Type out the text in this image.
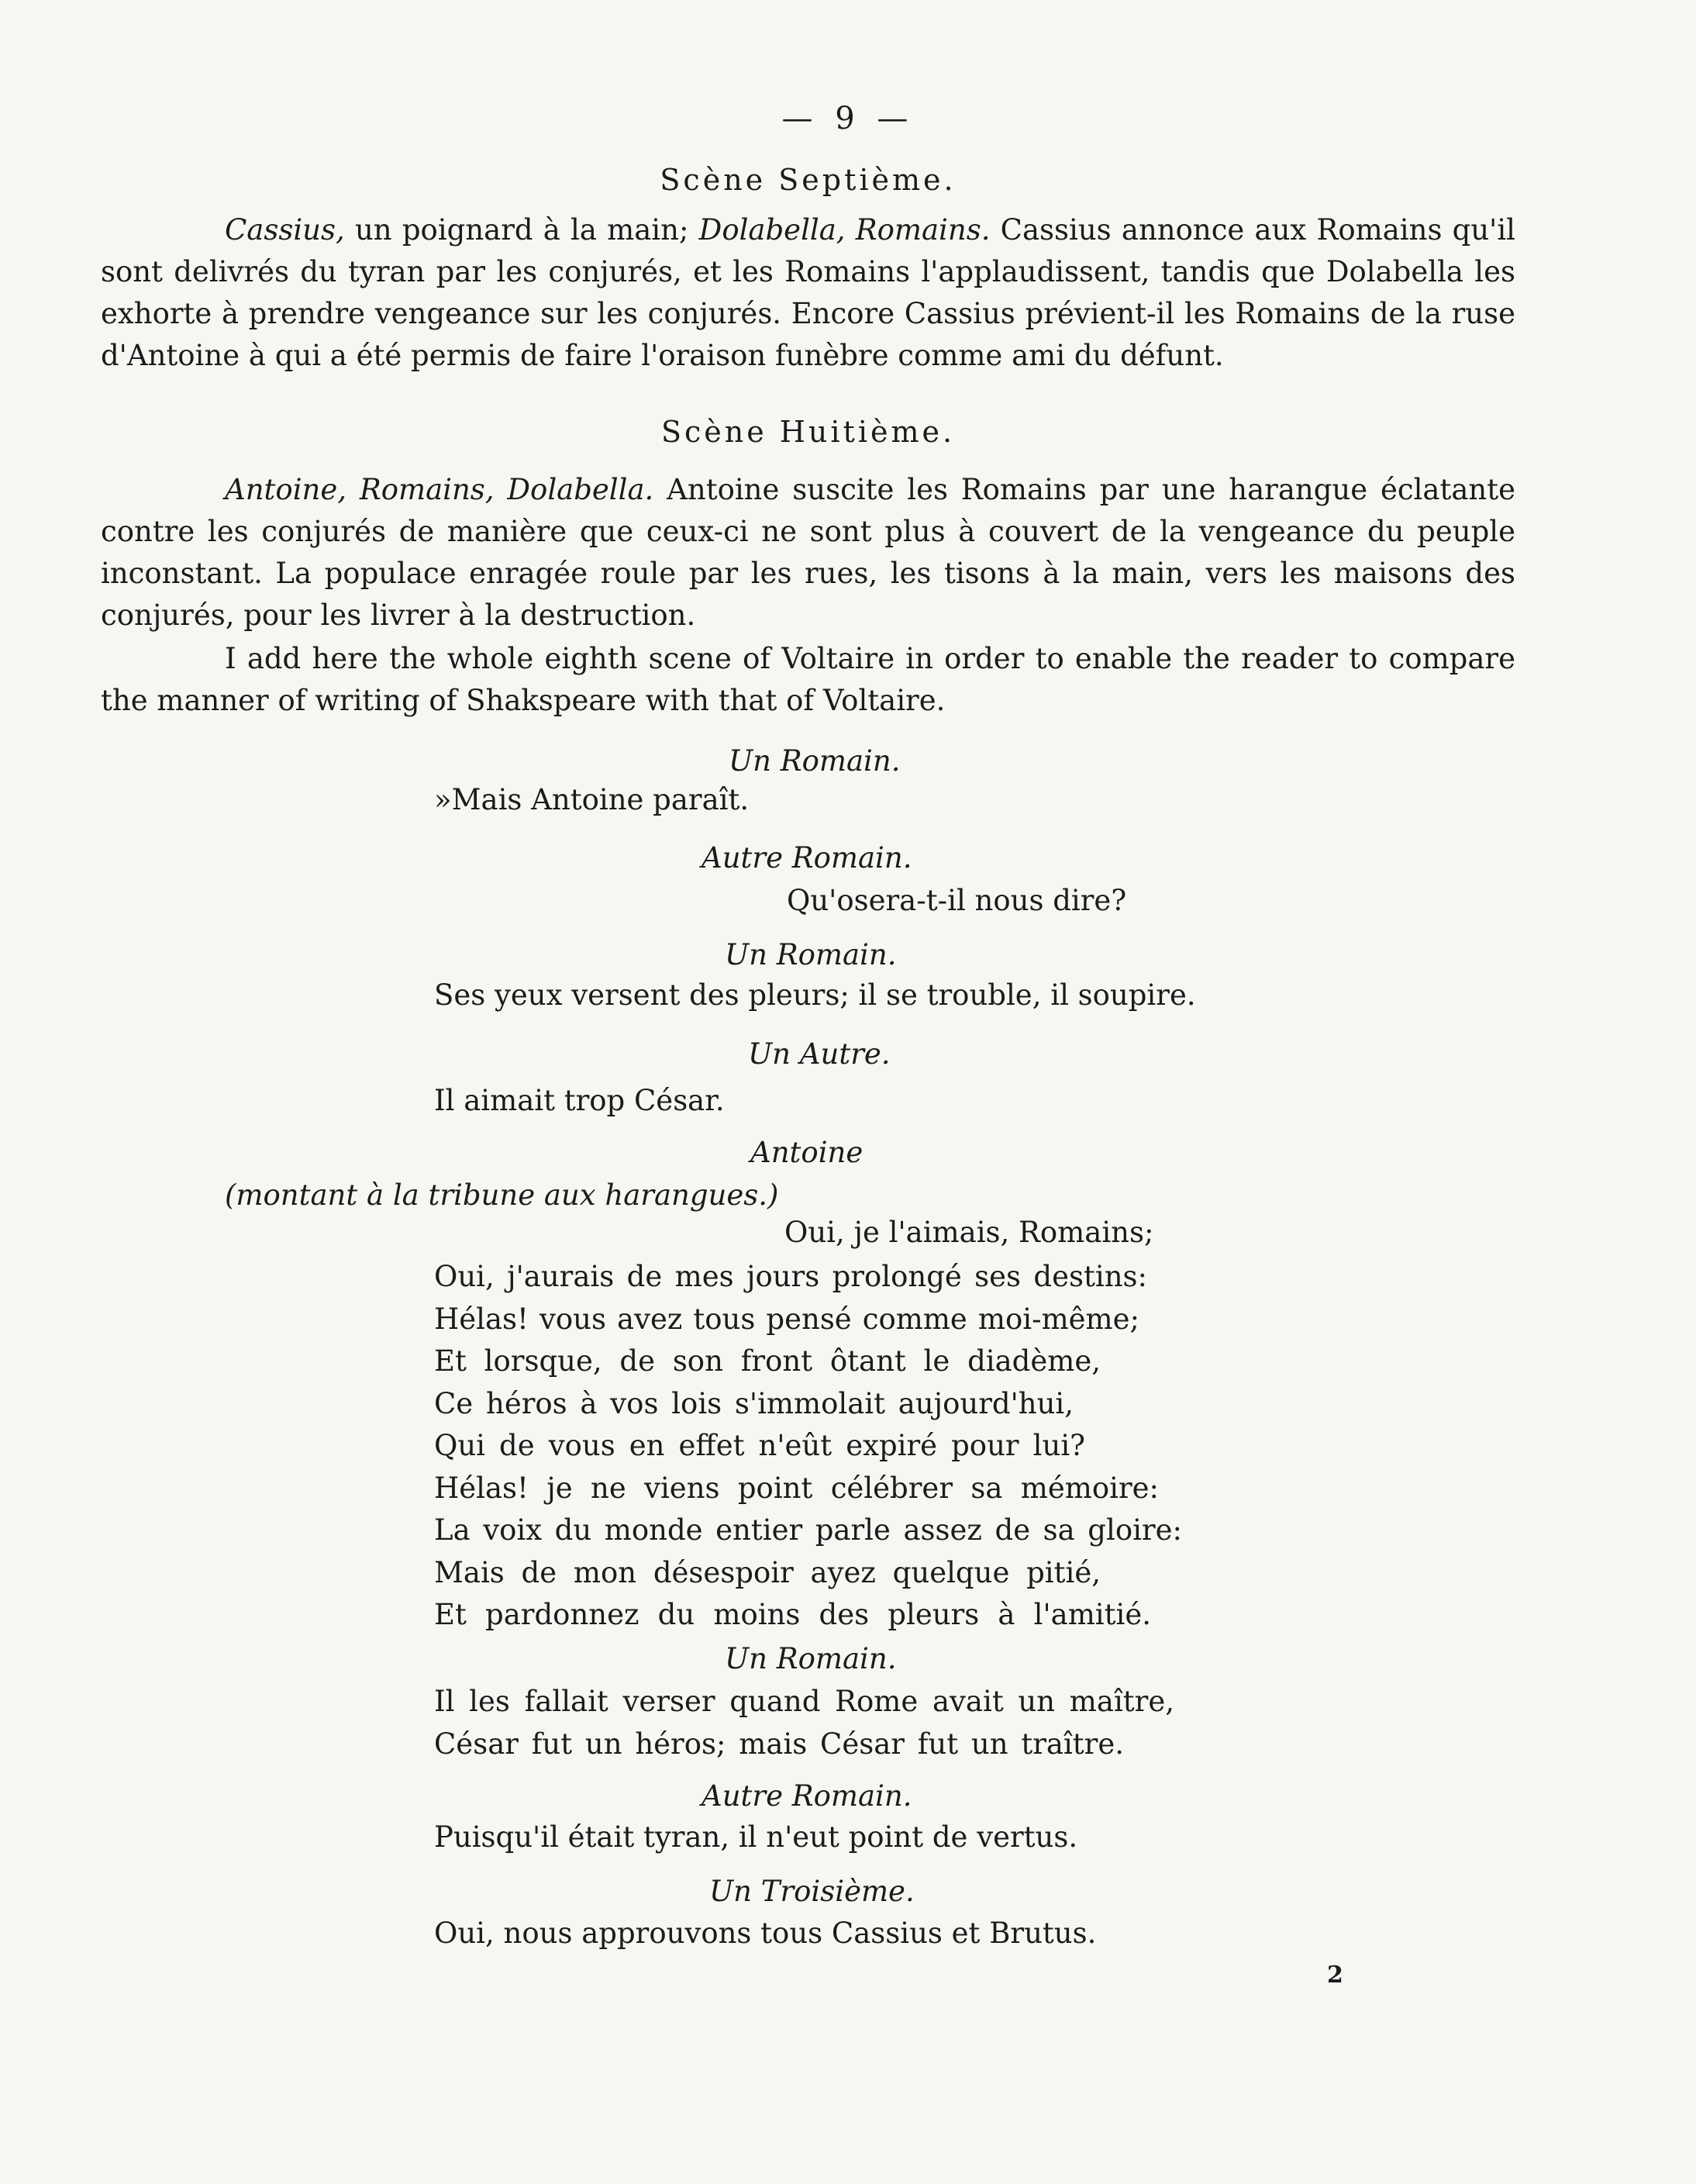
— 9 —
Scène Septième.

Cassius, un poignard à la main; Dolabella, Romains. Cassius annonce aux Romains qu'il sont delivrés du tyran par les conjurés, et les Romains l'applaudissent, tandis que Dolabella les exhorte à prendre vengeance sur les conjurés. Encore Cassius prévient-il les Romains de la ruse d'Antoine à qui a été permis de faire l'oraison funèbre comme ami du défunt.

Scène Huitième.

Antoine, Romains, Dolabella. Antoine suscite les Romains par une harangue éclatante contre les conjurés de manière que ceux-ci ne sont plus à couvert de la vengeance du peuple inconstant. La populace enragée roule par les rues, les tisons à la main, vers les maisons des conjurés, pour les livrer à la destruction.

I add here the whole eighth scene of Voltaire in order to enable the reader to compare the manner of writing of Shakspeare with that of Voltaire.
Un Romain.
»Mais Antoine paraît.
Autre Romain.
Qu'osera-t-il nous dire?
Un Romain.
Ses yeux versent des pleurs; il se trouble, il soupire.
Un Autre.
Il aimait trop César.
Antoine
(montant à la tribune aux harangues.)
Oui, je l'aimais, Romains;
Oui, j'aurais de mes jours prolongé ses destins:
Hélas! vous avez tous pensé comme moi-même;
Et lorsque, de son front ôtant le diadème,
Ce héros à vos lois s'immolait aujourd'hui,
Qui de vous en effet n'eût expiré pour lui?
Hélas! je ne viens point célébrer sa mémoire:
La voix du monde entier parle assez de sa gloire:
Mais de mon désespoir ayez quelque pitié,
Et pardonnez du moins des pleurs à l'amitié.
Un Romain.
Il les fallait verser quand Rome avait un maître,
César fut un héros; mais César fut un traître.
Autre Romain.
Puisqu'il était tyran, il n'eut point de vertus.
Un Troisième.
Oui, nous approuvons tous Cassius et Brutus.
2
